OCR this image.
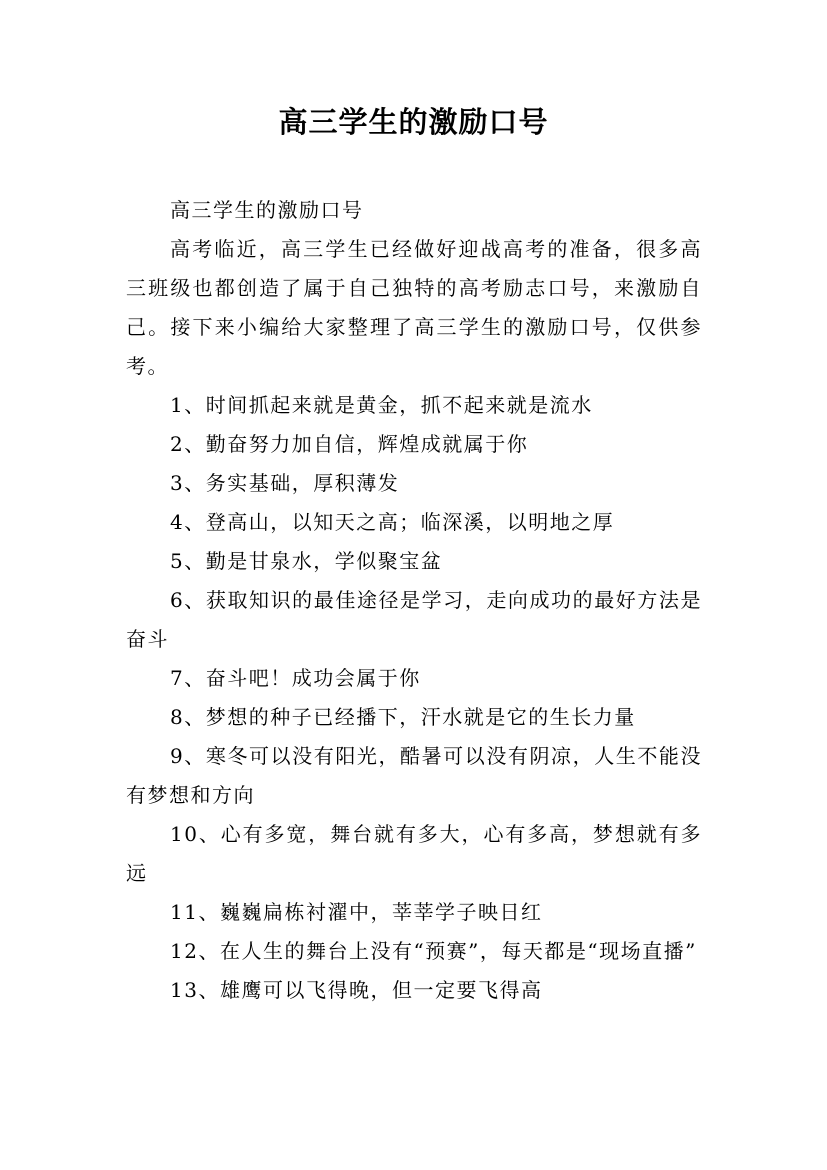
高三学生的激励口号

高三学生的激励口号

高考临近，高三学生已经做好迎战高考的准备，很多高三班级也都创造了属于自己独特的高考励志口号，来激励自己。接下来小编给大家整理了高三学生的激励口号，仅供参考。

1、时间抓起来就是黄金，抓不起来就是流水

2、勤奋努力加自信，辉煌成就属于你

3、务实基础，厚积薄发

4、登高山，以知天之高；临深溪，以明地之厚

5、勤是甘泉水，学似聚宝盆

6、获取知识的最佳途径是学习，走向成功的最好方法是奋斗

7、奋斗吧！成功会属于你

8、梦想的种子已经播下，汗水就是它的生长力量

9、寒冬可以没有阳光，酷暑可以没有阴凉，人生不能没有梦想和方向

10、心有多宽，舞台就有多大，心有多高，梦想就有多远

11、巍巍扁栋衬濯中，莘莘学子映日红

12、在人生的舞台上没有“预赛”，每天都是“现场直播”

13、雄鹰可以飞得晚，但一定要飞得高
